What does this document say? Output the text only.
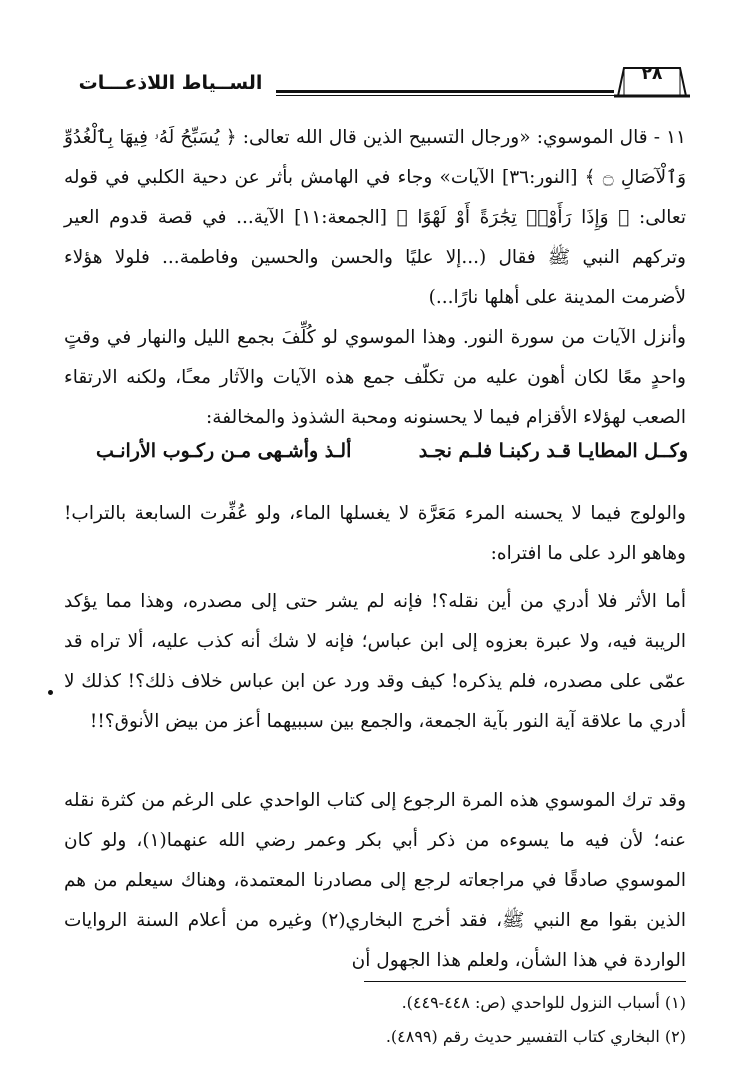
الســياط اللاذعـــات	٢٨

١١ - قال الموسوي: «ورجال التسبيح الذين قال الله تعالى: ﴿ يُسَبِّحُ لَهُۥ فِيهَا بِٱلْغُدُوِّ وَٱلْآصَالِ ۝ ﴾ [النور:٣٦] الآيات» وجاء في الهامش بأثر عن دحية الكلبي في قوله تعالى: ﴿ وَإِذَا رَأَوْا۟ تِجَٰرَةً أَوْ لَهْوًا ﴾ [الجمعة:١١] الآية... في قصة قدوم العير وتركهم النبي ﷺ فقال (...إلا عليًا والحسن والحسين وفاطمة... فلولا هؤلاء لأضرمت المدينة على أهلها نارًا...)

وأنزل الآيات من سورة النور. وهذا الموسوي لو كُلِّفَ بجمع الليل والنهار في وقتٍ واحدٍ معًا لكان أهون عليه من تكلّف جمع هذه الآيات والآثار معـًا، ولكنه الارتقاء الصعب لهؤلاء الأقزام فيما لا يحسنونه ومحبة الشذوذ والمخالفة:

وكــل المطايـا قـد ركبنـا فلـم نجـد
ألـذ وأشـهى مـن ركـوب الأرانـب

والولوج فيما لا يحسنه المرء مَعَرَّة لا يغسلها الماء، ولو عُفِّرت السابعة بالتراب! وهاهو الرد على ما افتراه:

أما الأثر فلا أدري من أين نقله؟! فإنه لم يشر حتى إلى مصدره، وهذا مما يؤكد الريبة فيه، ولا عبرة بعزوه إلى ابن عباس؛ فإنه لا شك أنه كذب عليه، ألا تراه قد عمّى على مصدره، فلم يذكره! كيف وقد ورد عن ابن عباس خلاف ذلك؟! كذلك لا أدري ما علاقة آية النور بآية الجمعة، والجمع بين سببيهما أعز من بيض الأنوق؟!!

وقد ترك الموسوي هذه المرة الرجوع إلى كتاب الواحدي على الرغم من كثرة نقله عنه؛ لأن فيه ما يسوءه من ذكر أبي بكر وعمر رضي الله عنهما(١)، ولو كان الموسوي صادقًا في مراجعاته لرجع إلى مصادرنا المعتمدة، وهناك سيعلم من هم الذين بقوا مع النبي ﷺ، فقد أخرج البخاري(٢) وغيره من أعلام السنة الروايات الواردة في هذا الشأن، ولعلم هذا الجهول أن

(١) أسباب النزول للواحدي (ص: ٤٤٨-٤٤٩).
(٢) البخاري كتاب التفسير حديث رقم (٤٨٩٩).
